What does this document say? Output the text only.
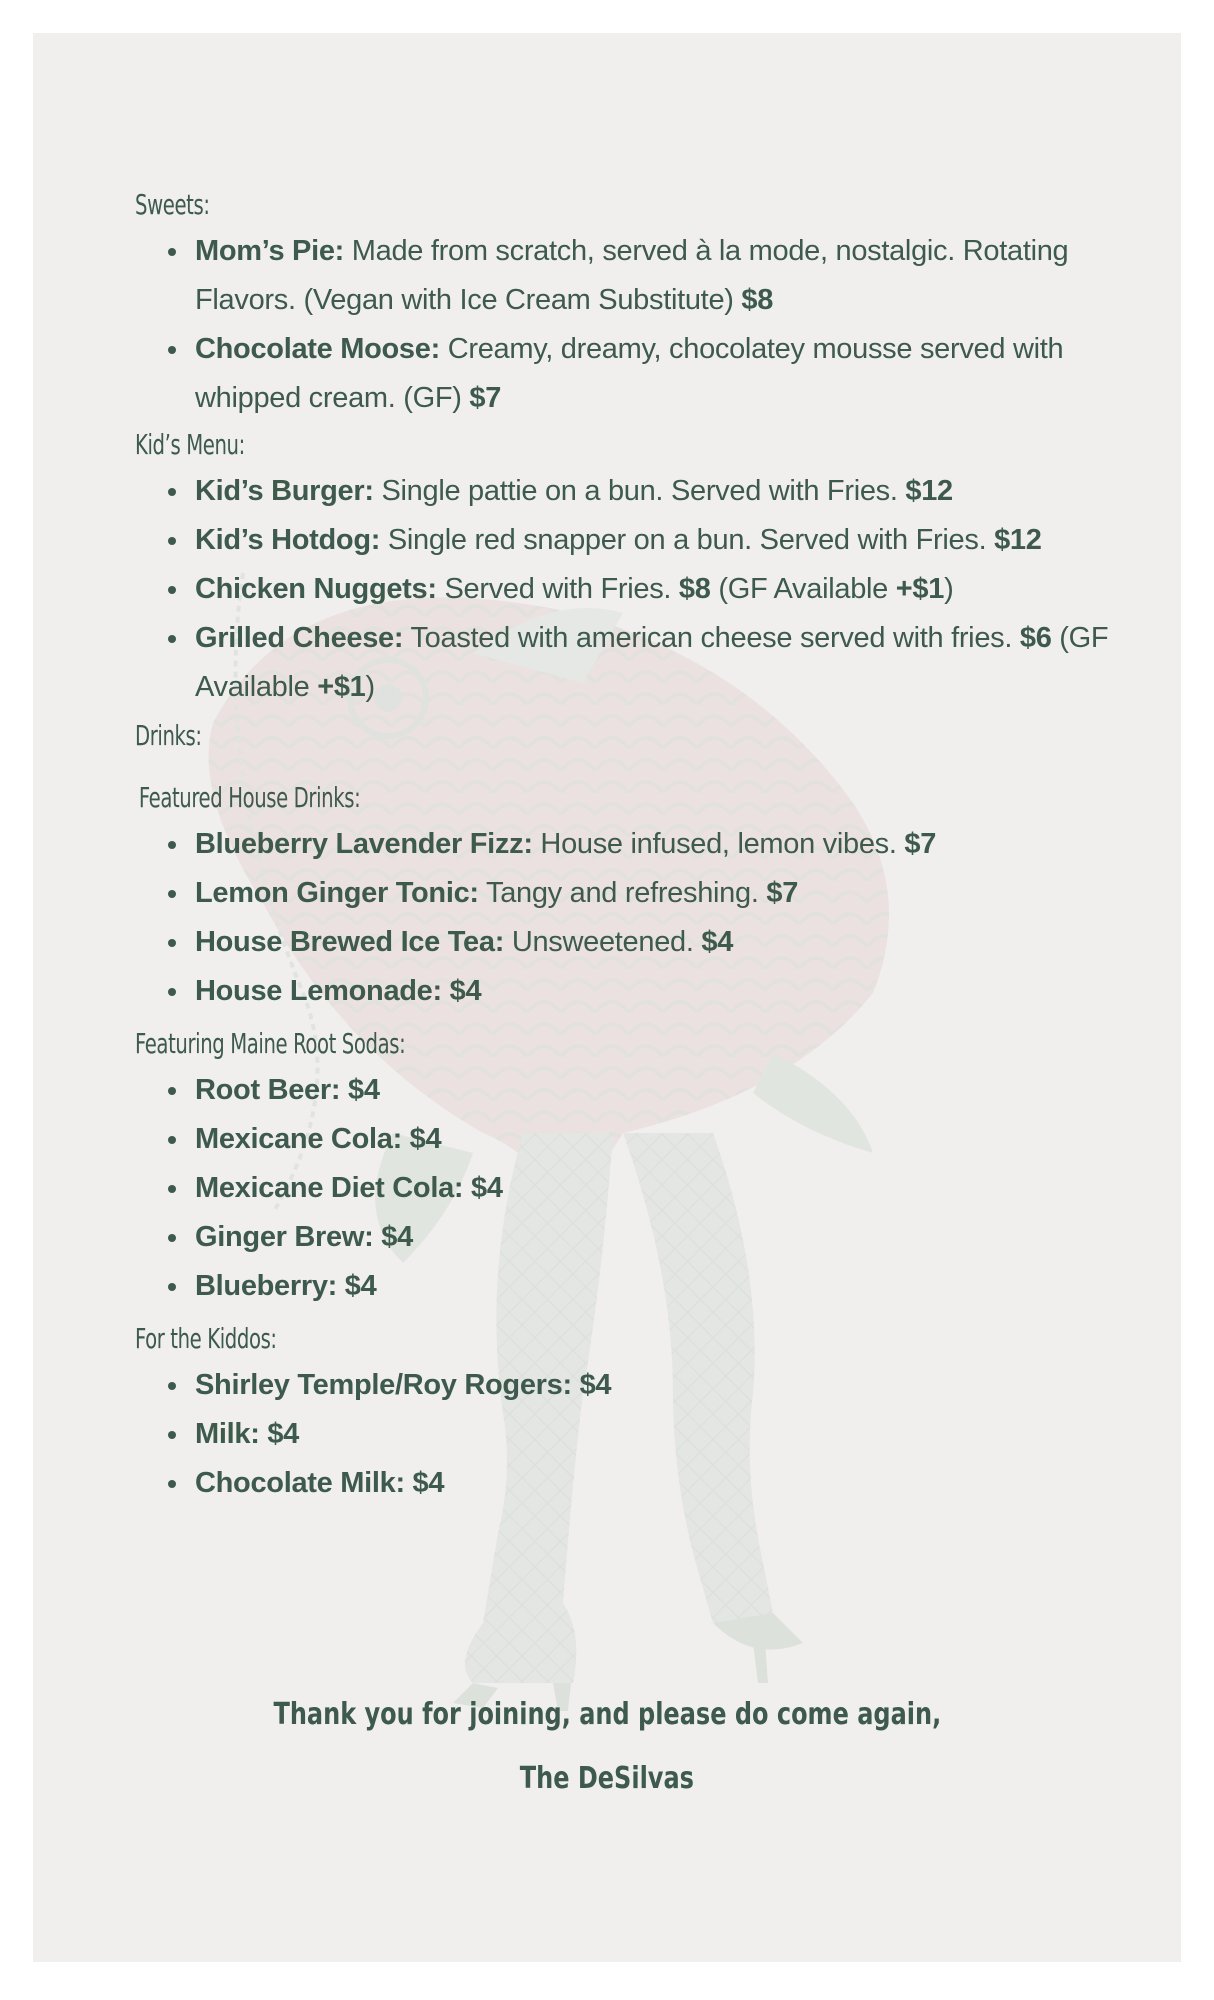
Sweets:
Mom’s Pie: Made from scratch, served à la mode, nostalgic. Rotating Flavors. (Vegan with Ice Cream Substitute) $8
Chocolate Moose: Creamy, dreamy, chocolatey mousse served with whipped cream. (GF) $7
Kid’s Menu:
Kid’s Burger: Single pattie on a bun. Served with Fries. $12
Kid’s Hotdog: Single red snapper on a bun. Served with Fries. $12
Chicken Nuggets: Served with Fries. $8 (GF Available +$1)
Grilled Cheese: Toasted with american cheese served with fries. $6 (GF Available +$1)
Drinks:
Featured House Drinks:
Blueberry Lavender Fizz: House infused, lemon vibes. $7
Lemon Ginger Tonic: Tangy and refreshing. $7
House Brewed Ice Tea: Unsweetened. $4
House Lemonade: $4
Featuring Maine Root Sodas:
Root Beer: $4
Mexicane Cola: $4
Mexicane Diet Cola: $4
Ginger Brew: $4
Blueberry: $4
For the Kiddos:
Shirley Temple/Roy Rogers: $4
Milk: $4
Chocolate Milk: $4
Thank you for joining, and please do come again,
The DeSilvas
